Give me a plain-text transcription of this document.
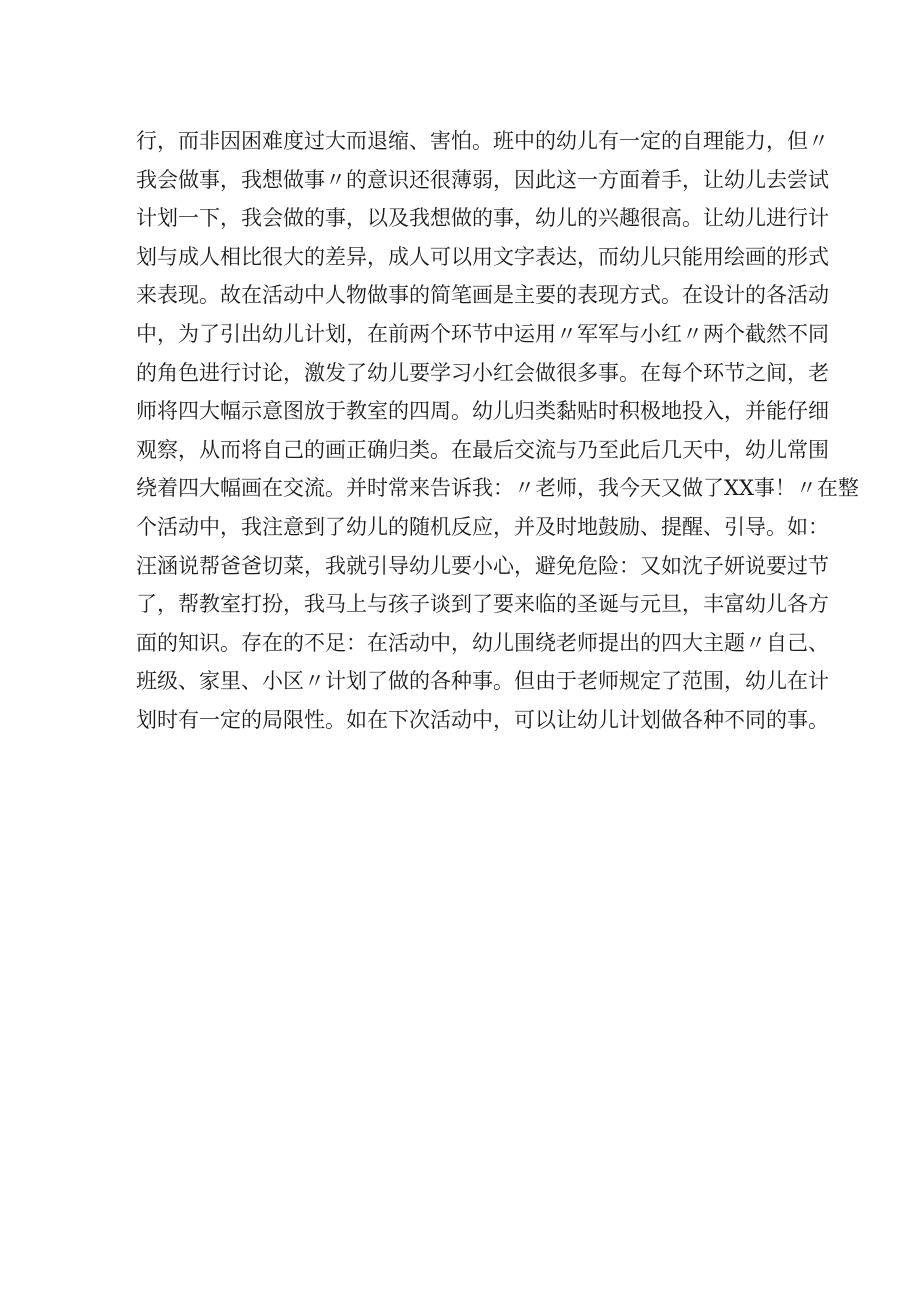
行，而非因困难度过大而退缩、害怕。班中的幼儿有一定的自理能力，但〃
我会做事，我想做事〃的意识还很薄弱，因此这一方面着手，让幼儿去尝试
计划一下，我会做的事，以及我想做的事，幼儿的兴趣很高。让幼儿进行计
划与成人相比很大的差异，成人可以用文字表达，而幼儿只能用绘画的形式
来表现。故在活动中人物做事的简笔画是主要的表现方式。在设计的各活动
中，为了引出幼儿计划，在前两个环节中运用〃军军与小红〃两个截然不同
的角色进行讨论，激发了幼儿要学习小红会做很多事。在每个环节之间，老
师将四大幅示意图放于教室的四周。幼儿归类黏贴时积极地投入，并能仔细
观察，从而将自己的画正确归类。在最后交流与乃至此后几天中，幼儿常围
绕着四大幅画在交流。并时常来告诉我：〃老师，我今天又做了XX事！〃在整
个活动中，我注意到了幼儿的随机反应，并及时地鼓励、提醒、引导。如：
汪涵说帮爸爸切菜，我就引导幼儿要小心，避免危险：又如沈子妍说要过节
了，帮教室打扮，我马上与孩子谈到了要来临的圣诞与元旦，丰富幼儿各方
面的知识。存在的不足：在活动中，幼儿围绕老师提出的四大主题〃自己、
班级、家里、小区〃计划了做的各种事。但由于老师规定了范围，幼儿在计
划时有一定的局限性。如在下次活动中，可以让幼儿计划做各种不同的事。
